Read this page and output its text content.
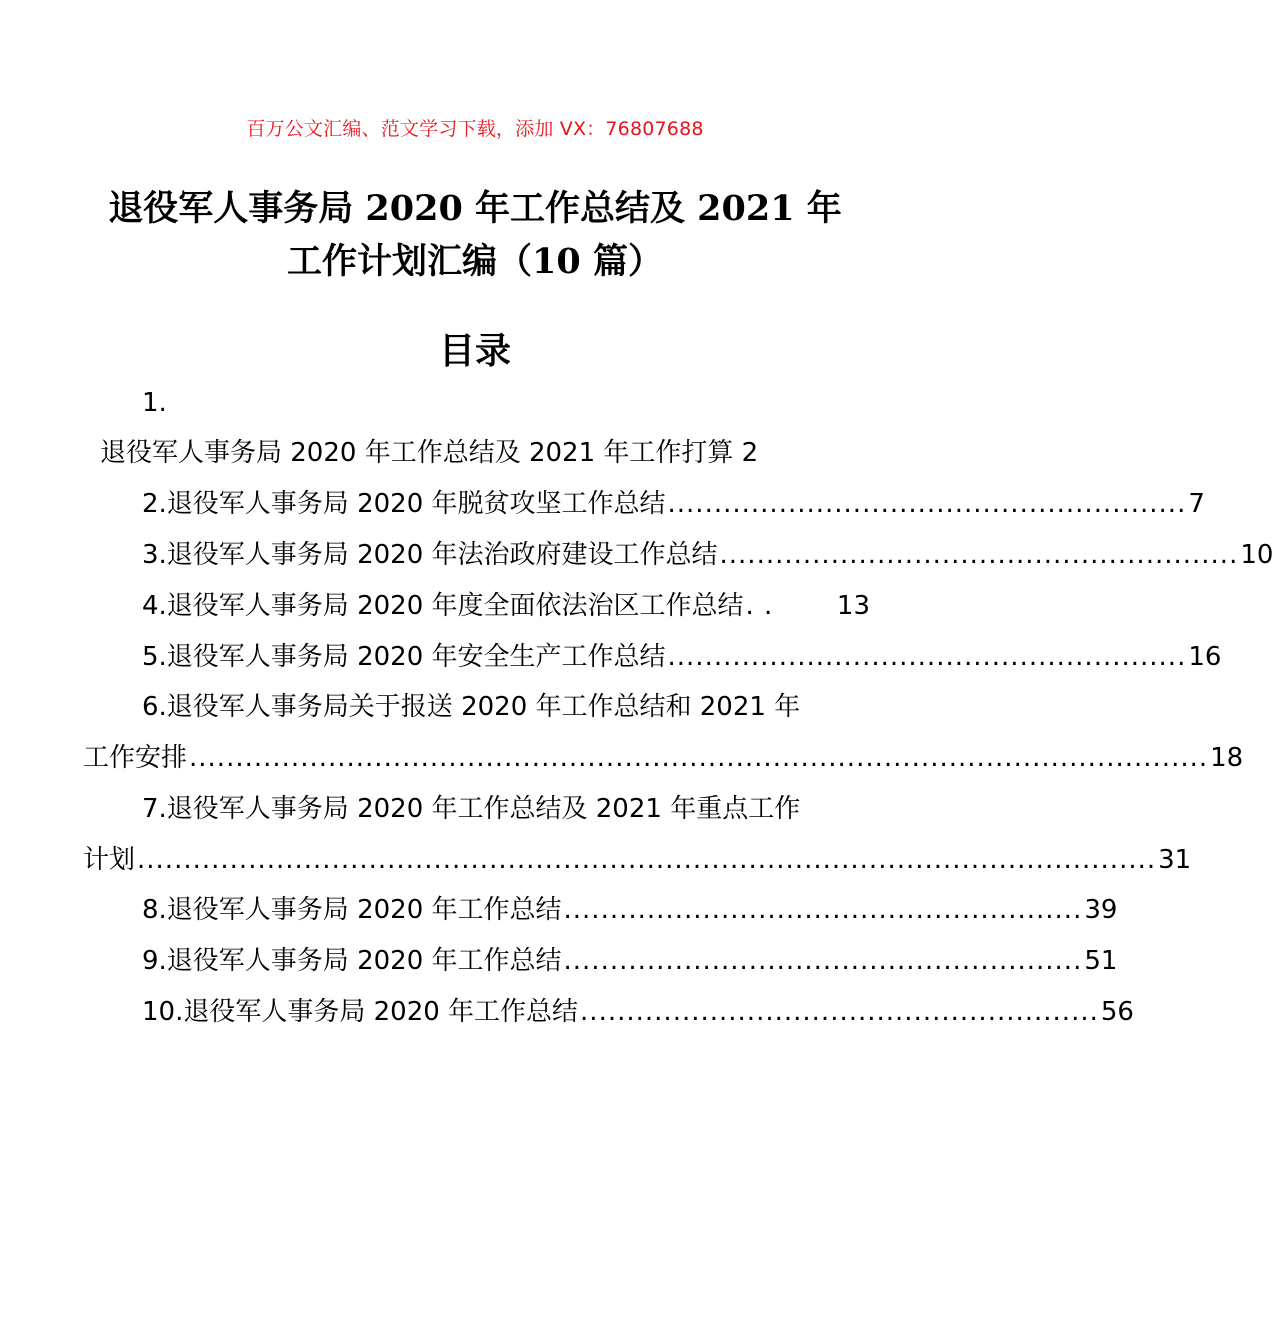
百万公文汇编、范文学习下载，添加 VX：76807688
退役军人事务局 2020 年工作总结及 2021 年
工作计划汇编（10 篇）
目录
1.
退役军人事务局 2020 年工作总结及 2021 年工作打算 2
2.退役军人事务局 2020 年脱贫攻坚工作总结 ........................................................ 7
3.退役军人事务局 2020 年法治政府建设工作总结 ........................................................ 10
4.退役军人事务局 2020 年度全面依法治区工作总结 . .	13
5.退役军人事务局 2020 年安全生产工作总结 ........................................................ 16
6.退役军人事务局关于报送 2020 年工作总结和 2021 年
工作安排 .............................................................................................................. 18
7.退役军人事务局 2020 年工作总结及 2021 年重点工作
计划 .............................................................................................................. 31
8.退役军人事务局 2020 年工作总结 ........................................................ 39
9.退役军人事务局 2020 年工作总结 ........................................................ 51
10.退役军人事务局 2020 年工作总结 ........................................................ 56
